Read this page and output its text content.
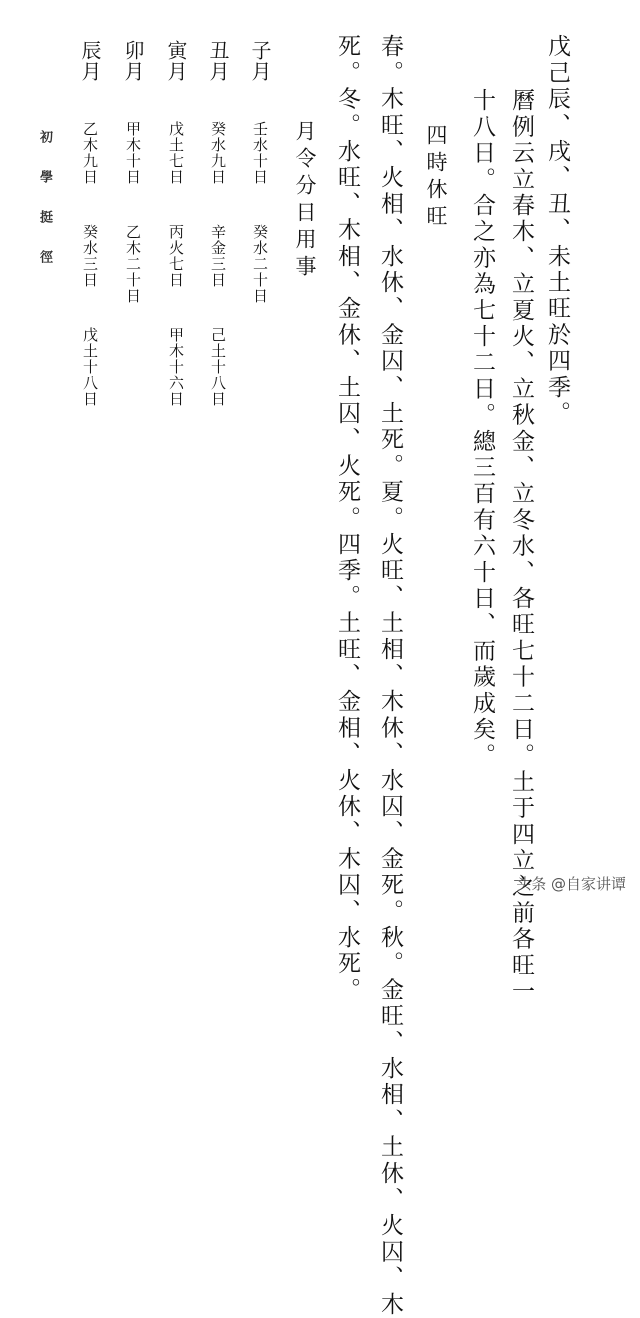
戊己辰、戌、丑、未土旺於四季。
曆例云立春木、立夏火、立秋金、立冬水、各旺七十二日。土于四立之前各旺一
十八日。合之亦為七十二日。總三百有六十日、而歲成矣。
四時休旺
春。木旺、火相、水休、金囚、土死。夏。火旺、土相、木休、水囚、金死。秋。金旺、水相、土休、火囚、木
死。冬。水旺、木相、金休、土囚、火死。四季。土旺、金相、火休、木囚、水死。
月令分日用事
子月 壬水十日 癸水二十日
丑月 癸水九日 辛金三日 己土十八日
寅月 戊土七日 丙火七日 甲木十六日
卯月 甲木十日 乙木二十日
辰月 乙木九日 癸水三日 戊土十八日
初學挺徑
头条 @自家讲谭
